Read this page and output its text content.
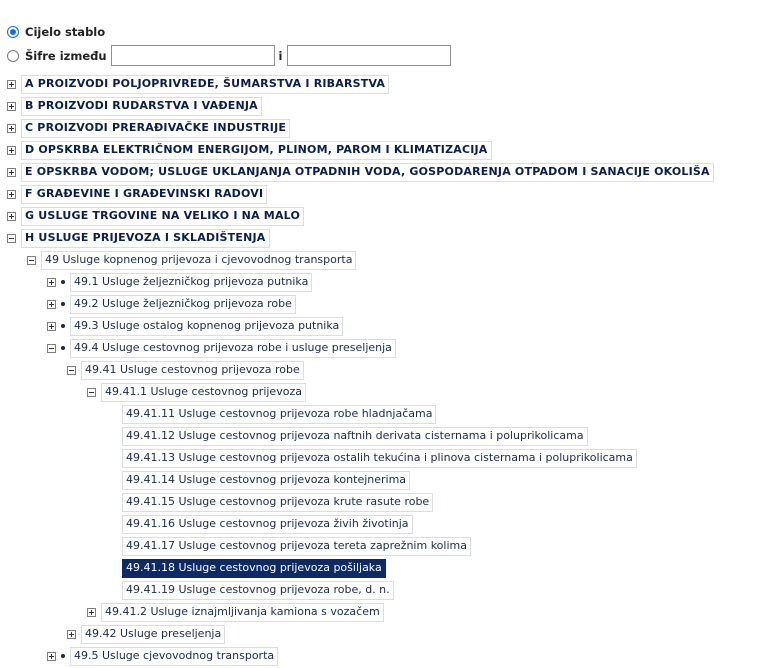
Cijelo stablo
Šifre između	i
A PROIZVODI POLJOPRIVREDE, ŠUMARSTVA I RIBARSTVA
B PROIZVODI RUDARSTVA I VAĐENJA
C PROIZVODI PRERAĐIVAČKE INDUSTRIJE
D OPSKRBA ELEKTRIČNOM ENERGIJOM, PLINOM, PAROM I KLIMATIZACIJA
E OPSKRBA VODOM; USLUGE UKLANJANJA OTPADNIH VODA, GOSPODARENJA OTPADOM I SANACIJE OKOLIŠA
F GRAĐEVINE I GRAĐEVINSKI RADOVI
G USLUGE TRGOVINE NA VELIKO I NA MALO
H USLUGE PRIJEVOZA I SKLADIŠTENJA
49 Usluge kopnenog prijevoza i cjevovodnog transporta
49.1 Usluge željezničkog prijevoza putnika
49.2 Usluge željezničkog prijevoza robe
49.3 Usluge ostalog kopnenog prijevoza putnika
49.4 Usluge cestovnog prijevoza robe i usluge preseljenja
49.41 Usluge cestovnog prijevoza robe
49.41.1 Usluge cestovnog prijevoza
49.41.11 Usluge cestovnog prijevoza robe hladnjačama
49.41.12 Usluge cestovnog prijevoza naftnih derivata cisternama i poluprikolicama
49.41.13 Usluge cestovnog prijevoza ostalih tekućina i plinova cisternama i poluprikolicama
49.41.14 Usluge cestovnog prijevoza kontejnerima
49.41.15 Usluge cestovnog prijevoza krute rasute robe
49.41.16 Usluge cestovnog prijevoza živih životinja
49.41.17 Usluge cestovnog prijevoza tereta zaprežnim kolima
49.41.18 Usluge cestovnog prijevoza pošiljaka
49.41.19 Usluge cestovnog prijevoza robe, d. n.
49.41.2 Usluge iznajmljivanja kamiona s vozačem
49.42 Usluge preseljenja
49.5 Usluge cjevovodnog transporta
